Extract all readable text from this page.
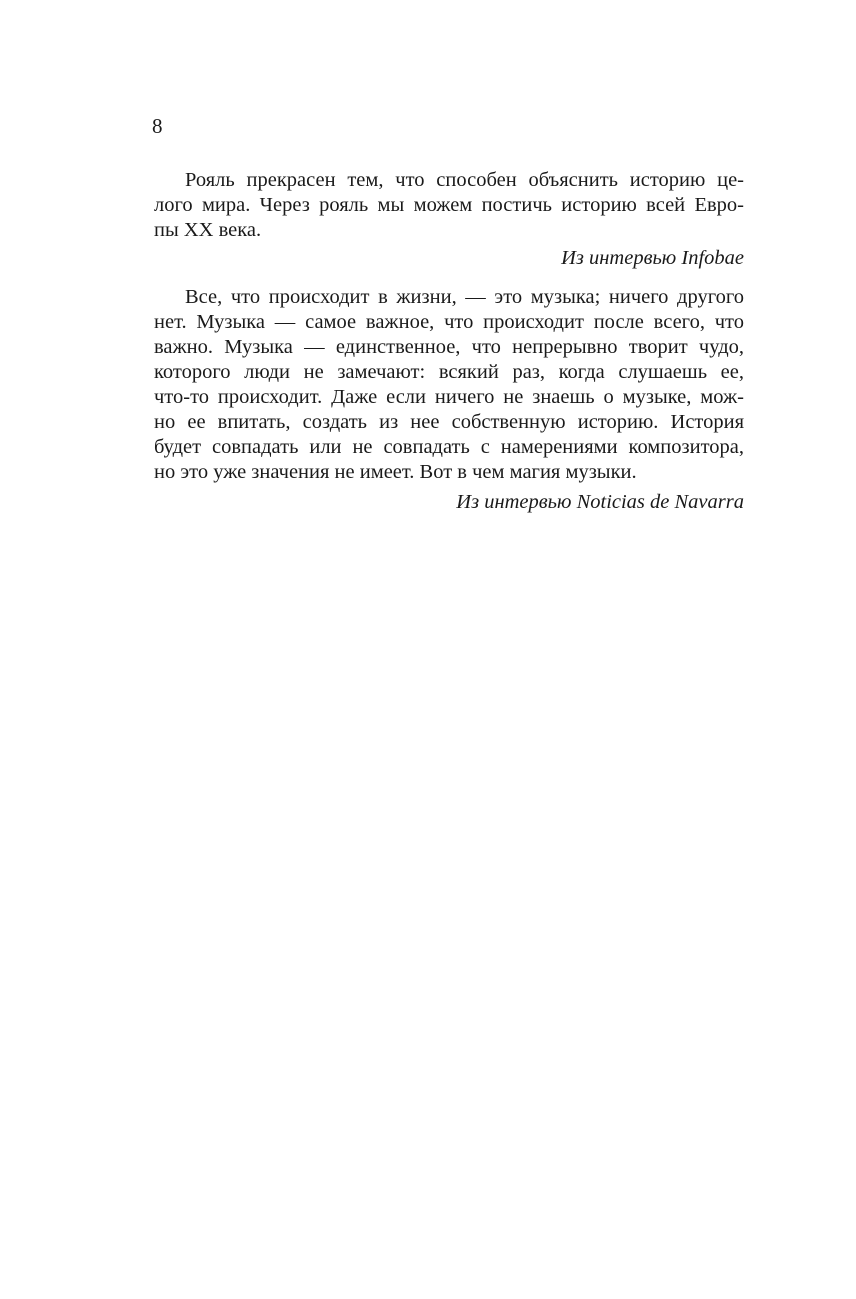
8
Рояль прекрасен тем, что способен объяснить историю це-
лого мира. Через рояль мы можем постичь историю всей Евро-
пы XX века.
Из интервью Infobae
Все, что происходит в жизни, — это музыка; ничего другого
нет. Музыка — самое важное, что происходит после всего, что
важно. Музыка — единственное, что непрерывно творит чудо,
которого люди не замечают: всякий раз, когда слушаешь ее,
что-то происходит. Даже если ничего не знаешь о музыке, мож-
но ее впитать, создать из нее собственную историю. История
будет совпадать или не совпадать с намерениями композитора,
но это уже значения не имеет. Вот в чем магия музыки.
Из интервью Noticias de Navarra
